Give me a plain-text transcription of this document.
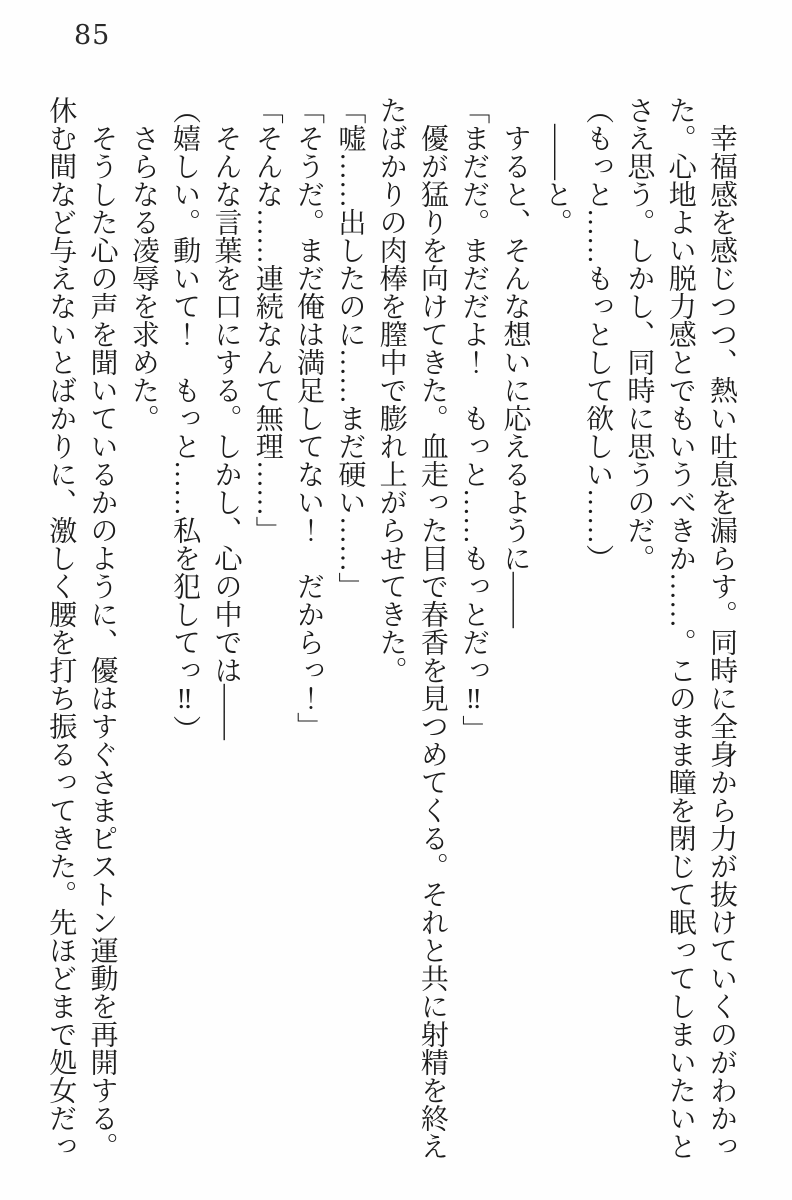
85

　幸福感を感じつつ、熱い吐息を漏らす。同時に全身から力が抜けていくのがわかっ

た。心地よい脱力感とでもいうべきか……。このまま瞳を閉じて眠ってしまいたいと

さえ思う。しかし、同時に思うのだ。

（もっと……もっとして欲しい……）

　——と。

　すると、そんな想いに応えるように——

「まだだ。まだだよ！　もっと……もっとだっ‼」

　優が猛りを向けてきた。血走った目で春香を見つめてくる。それと共に射精を終え

たばかりの肉棒を膣中で膨れ上がらせてきた。

「嘘……出したのに……まだ硬い……」

「そうだ。まだ俺は満足してない！　だからっ！」

「そんな……連続なんて無理……」

　そんな言葉を口にする。しかし、心の中では——

（嬉しい。動いて！　もっと……私を犯してっ‼）

　さらなる凌辱を求めた。

　そうした心の声を聞いているかのように、優はすぐさまピストン運動を再開する。

休む間など与えないとばかりに、激しく腰を打ち振るってきた。先ほどまで処女だっ
